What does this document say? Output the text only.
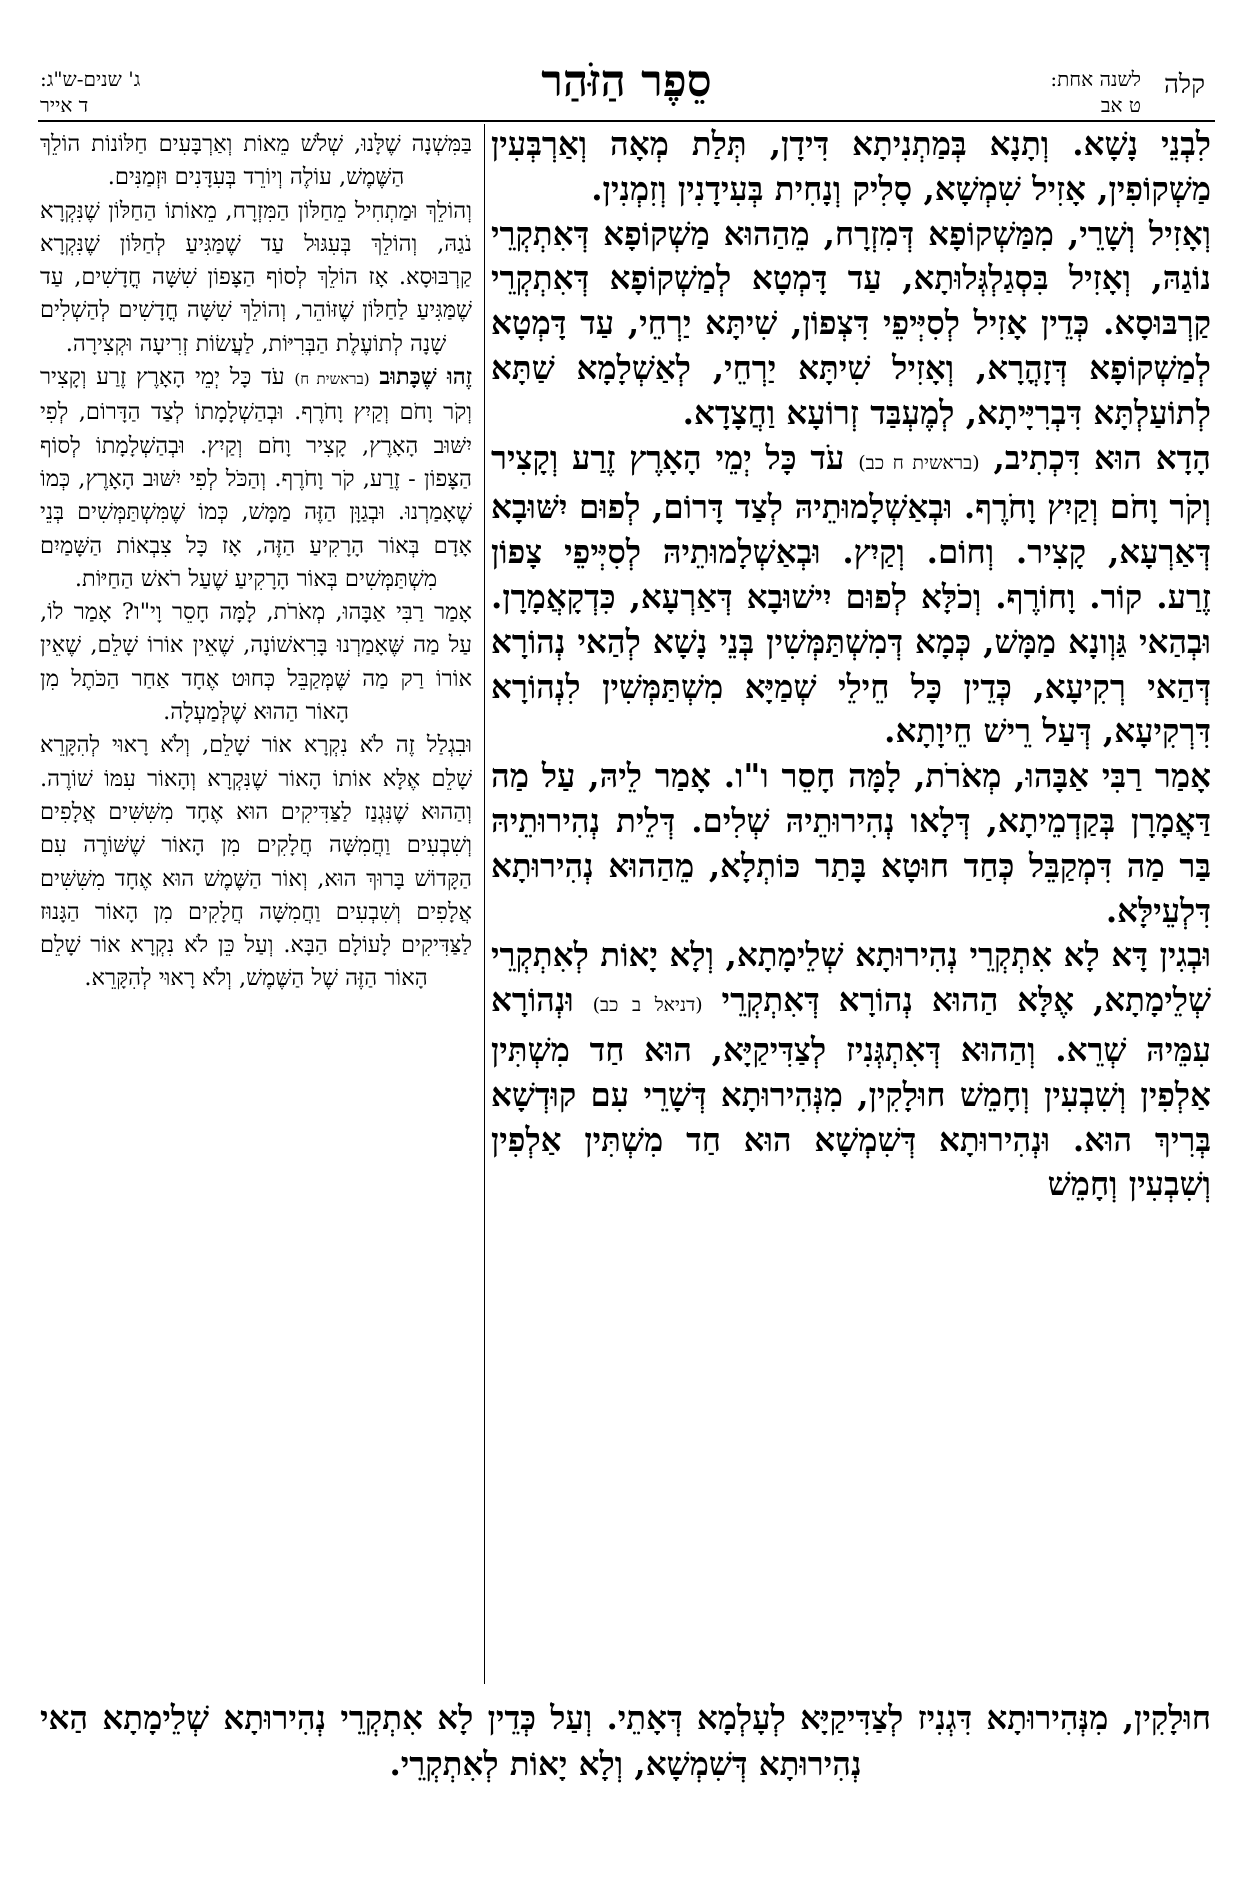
קלה
לשנה אחת:
ט אב
סֵפֶר הַזֹּהַר
ג' שנים-ש"ג:
ד אייר

לִבְנֵי נָשָׁא. וְתָנָא בְּמַתְנִיתָא דִּידָן, תְּלַת מְאָה וְאַרְבְּעִין מַשְׁקוֹפִין, אָזִיל שִׁמְשָׁא, סָלִיק וְנָחִית בְּעִידָנִין וְזִמְנִין.

וְאָזִיל וְשָׁרֵי, מִמַּשְׁקוֹפָא דְּמִזְרָח, מֵהַהוּא מַשְׁקוֹפָא דְּאִתְקְרֵי נוֹגַהּ, וְאָזִיל בִּסְגַלְגְּלוּתָא, עַד דָּמְטָא לְמַשְׁקוֹפָא דְּאִתְקְרֵי קַרְבּוּסָא. כְּדֵין אָזִיל לְסִיְּיפֵי דִּצְפוֹן, שִׁיתָּא יַרְחֵי, עַד דָּמְטָא לְמַשְׁקוֹפָא דְּזָהֳרָא, וְאָזִיל שִׁיתָּא יַרְחֵי, לְאַשְׁלָמָא שַׁתָּא לְתוֹעַלְתָּא דִּבְרִיָּיתָא, לְמֶעְבַּד זְרוֹעָא וַחֲצָדָא.

הָדָא הוּא דִּכְתִיב, (בראשית ח כב) עֹד כָּל יְמֵי הָאָרֶץ זֶרַע וְקָצִיר וְקֹר וָחֹם וְקַיִץ וָחֹרֶף. וּבְאַשְׁלָמוּתֵיהּ לְצַד דָּרוֹם, לְפוּם יִשּׁוּבָא דְּאַרְעָא, קָצִיר. וְחוֹם. וְקַיִץ. וּבְאַשְׁלָמוּתֵיהּ לְסִיְּיפֵי צָפוֹן זֶרַע. קוֹר. וָחוֹרֶף. וְכֹלָּא לְפוּם יִישׁוּבָא דְּאַרְעָא, כִּדְקָאֲמָרָן. וּבְהַאי גַּוְונָא מַמָּשׁ, כְּמָא דְּמִשְׁתַּמְּשִׁין בְּנֵי נָשָׁא לְהַאי נְהוֹרָא דְּהַאי רְקִיעָא, כְּדֵין כָּל חֵילֵי שְׁמַיָּא מִשְׁתַּמְּשִׁין לִנְהוֹרָא דִּרְקִיעָא, דְּעַל רֵישׁ חֵיוָתָא.

אָמַר רַבִּי אַבָּהוּ, מְאֹרֹת, לָמָּה חָסֵר ו"ו. אָמַר לֵיהּ, עַל מַה דַּאֲמָרָן בְּקַדְמֵיתָא, דְּלָאו נְהִירוּתֵיהּ שְׁלִים. דְּלֵית נְהִירוּתֵיהּ בַּר מַה דִּמְקַבֵּל כְּחַד חוּטָא בָּתַר כּוֹתְלָא, מֵהַהוּא נְהִירוּתָא דִּלְעֵילָּא.

וּבְגִין דָּא לָא אִתְקְרֵי נְהִירוּתָא שְׁלֵימָתָא, וְלָא יָאוֹת לְאִתְקְרֵי שְׁלֵימָתָא, אֶלָּא הַהוּא נְהוֹרָא דְּאִתְקְרֵי (דניאל ב כב) וּנְהוֹרָא עִמֵּיהּ שְׁרֵא. וְהַהוּא דְּאִתְגְּנִיז לְצַדִּיקַיָּא, הוּא חַד מִשְׁתִּין אַלְפִין וְשִׁבְעִין וְחָמֵשׁ חוּלָקִין, מִנְּהִירוּתָא דְּשָׁרֵי עִם קוּדְשָׁא בְּרִיךְ הוּא. וּנְהִירוּתָא דְּשִׁמְשָׁא הוּא חַד מִשְׁתִּין אַלְפִין וְשִׁבְעִין וְחָמֵשׁ

בַּמִּשְׁנָה שֶׁלָּנוּ, שְׁלֹשׁ מֵאוֹת וְאַרְבָּעִים חַלּוֹנוֹת הוֹלֵךְ הַשֶּׁמֶשׁ, עוֹלֶה וְיוֹרֵד בְּעִדָּנִים וּזְמַנִּים.

וְהוֹלֵךְ וּמַתְחִיל מֵחַלּוֹן הַמִּזְרָח, מֵאוֹתוֹ הַחַלּוֹן שֶׁנִּקְרָא נֹגַהּ, וְהוֹלֵךְ בְּעִגּוּל עַד שֶׁמַּגִּיעַ לְחַלּוֹן שֶׁנִּקְרָא קַרְבּוּסָא. אָז הוֹלֵךְ לְסוֹף הַצָּפוֹן שִׁשָּׁה חֳדָשִׁים, עַד שֶׁמַּגִּיעַ לַחַלּוֹן שֶׁזּוֹהֵר, וְהוֹלֵךְ שִׁשָּׁה חֳדָשִׁים לְהַשְׁלִים שָׁנָה לְתוֹעֶלֶת הַבְּרִיּוֹת, לַעֲשׂוֹת זְרִיעָה וּקְצִירָה.

זֶהוּ שֶׁכָּתוּב (בראשית ח) עֹד כָּל יְמֵי הָאָרֶץ זֶרַע וְקָצִיר וְקֹר וָחֹם וְקַיִץ וָחֹרֶף. וּבְהַשְׁלָמָתוֹ לְצַד הַדָּרוֹם, לְפִי יִשּׁוּב הָאָרֶץ, קָצִיר וָחֹם וְקַיִץ. וּבְהַשְׁלָמָתוֹ לְסוֹף הַצָּפוֹן - זֶרַע, קֹר וָחֹרֶף. וְהַכֹּל לְפִי יִשּׁוּב הָאָרֶץ, כְּמוֹ שֶׁאָמַרְנוּ. וּבְגַוָּן הַזֶּה מַמָּשׁ, כְּמוֹ שֶׁמִּשְׁתַּמְּשִׁים בְּנֵי אָדָם בְּאוֹר הָרָקִיעַ הַזֶּה, אָז כָּל צִבְאוֹת הַשָּׁמַיִם מִשְׁתַּמְּשִׁים בְּאוֹר הָרָקִיעַ שֶׁעַל רֹאשׁ הַחַיּוֹת.

אָמַר רַבִּי אַבָּהוּ, מְאֹרֹת, לָמָּה חָסֵר וָי"ו? אָמַר לוֹ, עַל מַה שֶּׁאָמַרְנוּ בָּרִאשׁוֹנָה, שֶׁאֵין אוֹרוֹ שָׁלֵם, שֶׁאֵין אוֹרוֹ רַק מַה שֶּׁמְּקַבֵּל כְּחוּט אֶחָד אַחַר הַכֹּתֶל מִן הָאוֹר הַהוּא שֶׁלְּמַעְלָה.

וּבִגְלַל זֶה לֹא נִקְרָא אוֹר שָׁלֵם, וְלֹא רָאוּי לְהִקָּרֵא שָׁלֵם אֶלָּא אוֹתוֹ הָאוֹר שֶׁנִּקְרָא וְהָאוֹר עִמּוֹ שׁוֹרֶה. וְהַהוּא שֶׁנִּגְנַז לַצַּדִּיקִים הוּא אֶחָד מִשִּׁשִּׁים אֲלָפִים וְשִׁבְעִים וַחֲמִשָּׁה חֲלָקִים מִן הָאוֹר שֶׁשּׁוֹרֶה עִם הַקָּדוֹשׁ בָּרוּךְ הוּא, וְאוֹר הַשֶּׁמֶשׁ הוּא אֶחָד מִשִּׁשִּׁים אֲלָפִים וְשִׁבְעִים וַחֲמִשָּׁה חֲלָקִים מִן הָאוֹר הַגָּנוּז לַצַּדִּיקִים לָעוֹלָם הַבָּא. וְעַל כֵּן לֹא נִקְרָא אוֹר שָׁלֵם הָאוֹר הַזֶּה שֶׁל הַשֶּׁמֶשׁ, וְלֹא רָאוּי לְהִקָּרֵא.

חוּלָקִין, מִנְּהִירוּתָא דִּגְנִיז לְצַדִּיקַיָּא לְעָלְמָא דְּאָתֵי. וְעַל כְּדֵין לָא אִתְקְרֵי נְהִירוּתָא שְׁלֵימָתָא הַאי נְהִירוּתָא דְּשִׁמְשָׁא, וְלָא יָאוֹת לְאִתְקְרֵי.
